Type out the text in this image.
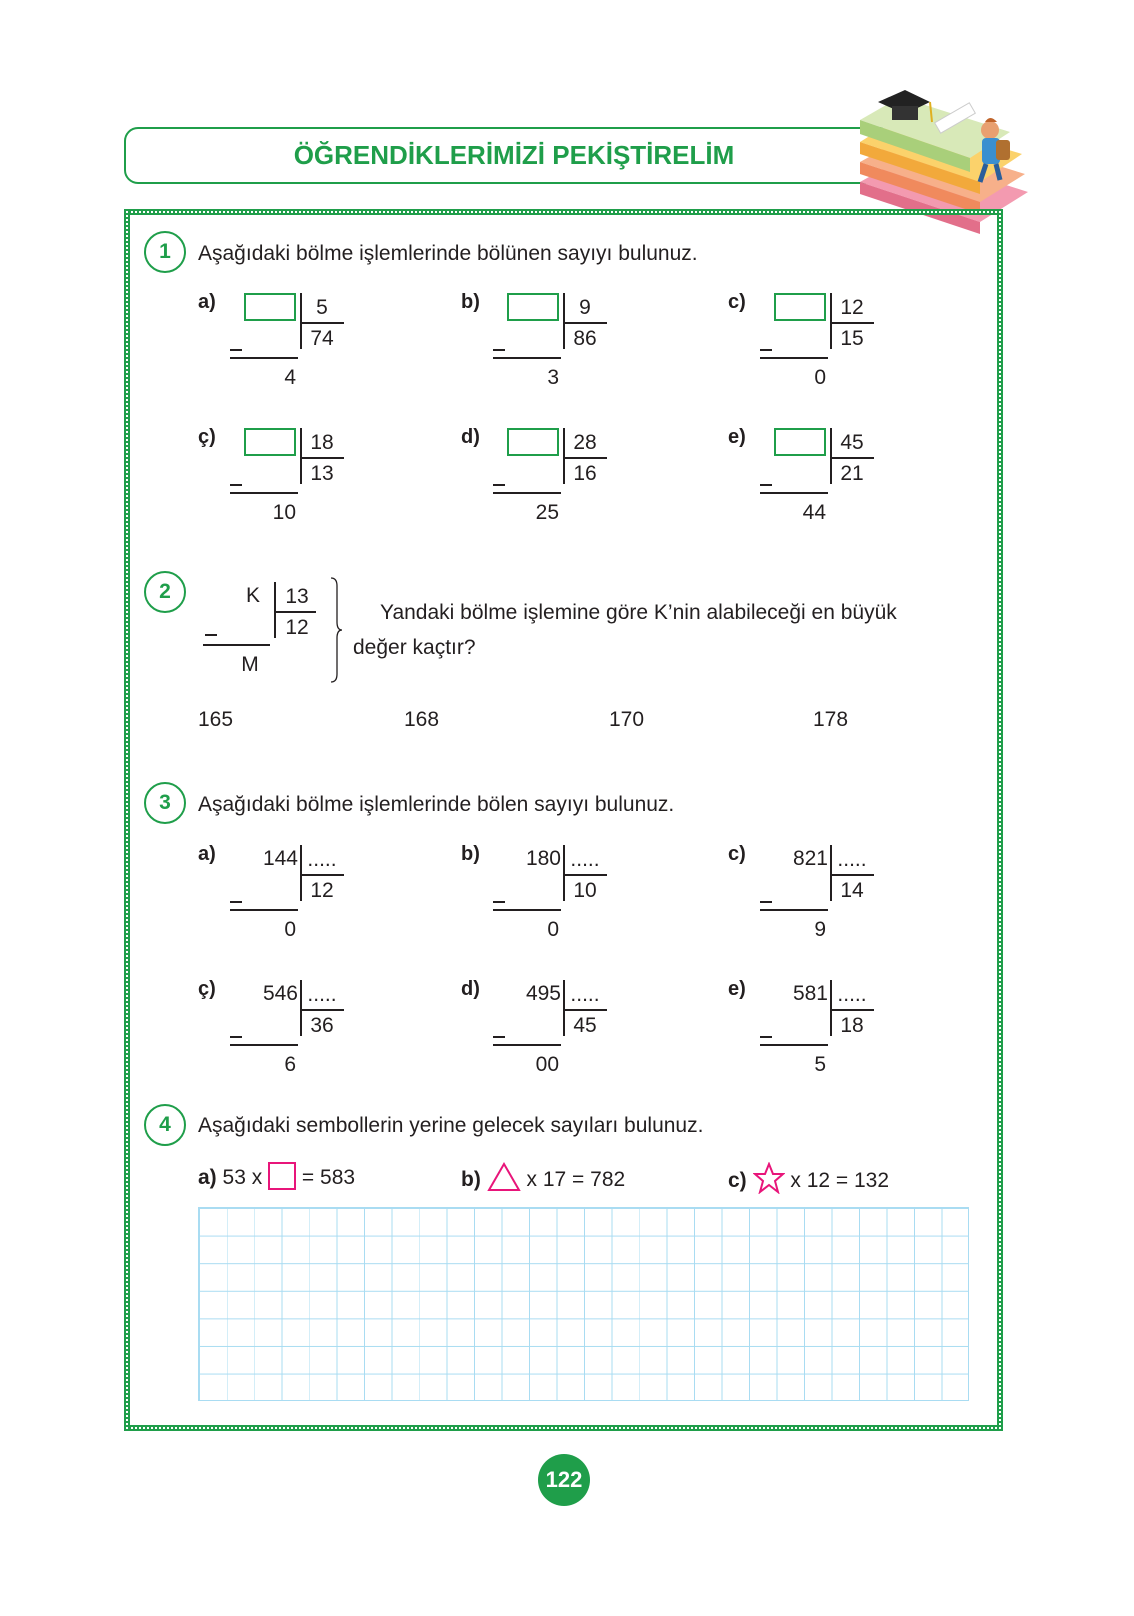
ÖĞRENDİKLERİMİZİ PEKİŞTİRELİM
1	Aşağıdaki bölme işlemlerinde bölünen sayıyı bulunuz.
a)	5
74
4
b)	9
86
3
c)	12
15
0
ç)	18
13
10
d)	28
16
25
e)	45
21
44
2	K	13
12
M
Yandaki bölme işlemine göre K’nin alabileceği en büyük
değer kaçtır?
165	168	170	178
3	Aşağıdaki bölme işlemlerinde bölen sayıyı bulunuz.
a)	144 .....
12
0
b)	180 .....
10
0
c)	821 .....
14
9
ç)	546 .....
36
6
d)	495 .....
45
00
e)	581 .....
18
5
4	Aşağıdaki sembollerin yerine gelecek sayıları bulunuz.
a) 53 x = 583	b) x 17 = 782	c) x 12 = 132
122
